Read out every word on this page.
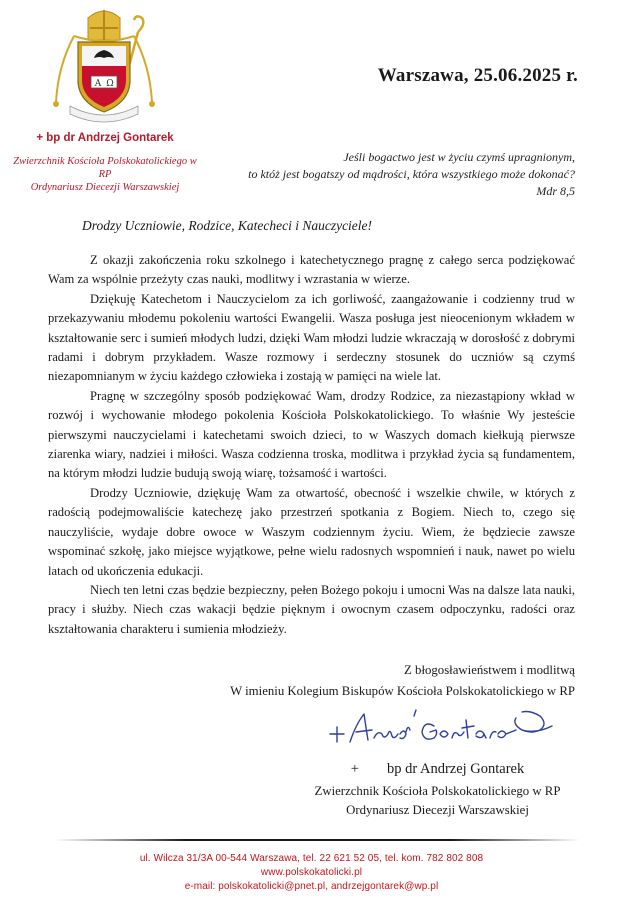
A Ω
+ bp dr Andrzej Gontarek
Zwierzchnik Kościoła Polskokatolickiego w RP
Ordynariusz Diecezji Warszawskiej
Warszawa, 25.06.2025 r.
Jeśli bogactwo jest w życiu czymś upragnionym,
to któż jest bogatszy od mądrości, która wszystkiego może dokonać?
Mdr 8,5
Drodzy Uczniowie, Rodzice, Katecheci i Nauczyciele!

Z okazji zakończenia roku szkolnego i katechetycznego pragnę z całego serca podziękować Wam za wspólnie przeżyty czas nauki, modlitwy i wzrastania w wierze.

Dziękuję Katechetom i Nauczycielom za ich gorliwość, zaangażowanie i codzienny trud w przekazywaniu młodemu pokoleniu wartości Ewangelii. Wasza posługa jest nieocenionym wkładem w kształtowanie serc i sumień młodych ludzi, dzięki Wam młodzi ludzie wkraczają w dorosłość z dobrymi radami i dobrym przykładem. Wasze rozmowy i serdeczny stosunek do uczniów są czymś niezapomnianym w życiu każdego człowieka i zostają w pamięci na wiele lat.

Pragnę w szczególny sposób podziękować Wam, drodzy Rodzice, za niezastąpiony wkład w rozwój i wychowanie młodego pokolenia Kościoła Polskokatolickiego. To właśnie Wy jesteście pierwszymi nauczycielami i katechetami swoich dzieci, to w Waszych domach kiełkują pierwsze ziarenka wiary, nadziei i miłości. Wasza codzienna troska, modlitwa i przykład życia są fundamentem, na którym młodzi ludzie budują swoją wiarę, tożsamość i wartości.

Drodzy Uczniowie, dziękuję Wam za otwartość, obecność i wszelkie chwile, w których z radością podejmowaliście katechezę jako przestrzeń spotkania z Bogiem. Niech to, czego się nauczyliście, wydaje dobre owoce w Waszym codziennym życiu. Wiem, że będziecie zawsze wspominać szkołę, jako miejsce wyjątkowe, pełne wielu radosnych wspomnień i nauk, nawet po wielu latach od ukończenia edukacji.

Niech ten letni czas będzie bezpieczny, pełen Bożego pokoju i umocni Was na dalsze lata nauki, pracy i służby. Niech czas wakacji będzie pięknym i owocnym czasem odpoczynku, radości oraz kształtowania charakteru i sumienia młodzieży.

Z błogosławieństwem i modlitwą
W imieniu Kolegium Biskupów Kościoła Polskokatolickiego w RP
+ bp dr Andrzej Gontarek
Zwierzchnik Kościoła Polskokatolickiego w RP
Ordynariusz Diecezji Warszawskiej
ul. Wilcza 31/3A 00-544 Warszawa, tel. 22 621 52 05, tel. kom. 782 802 808
www.polskokatolicki.pl
e-mail: polskokatolicki@pnet.pl, andrzejgontarek@wp.pl
